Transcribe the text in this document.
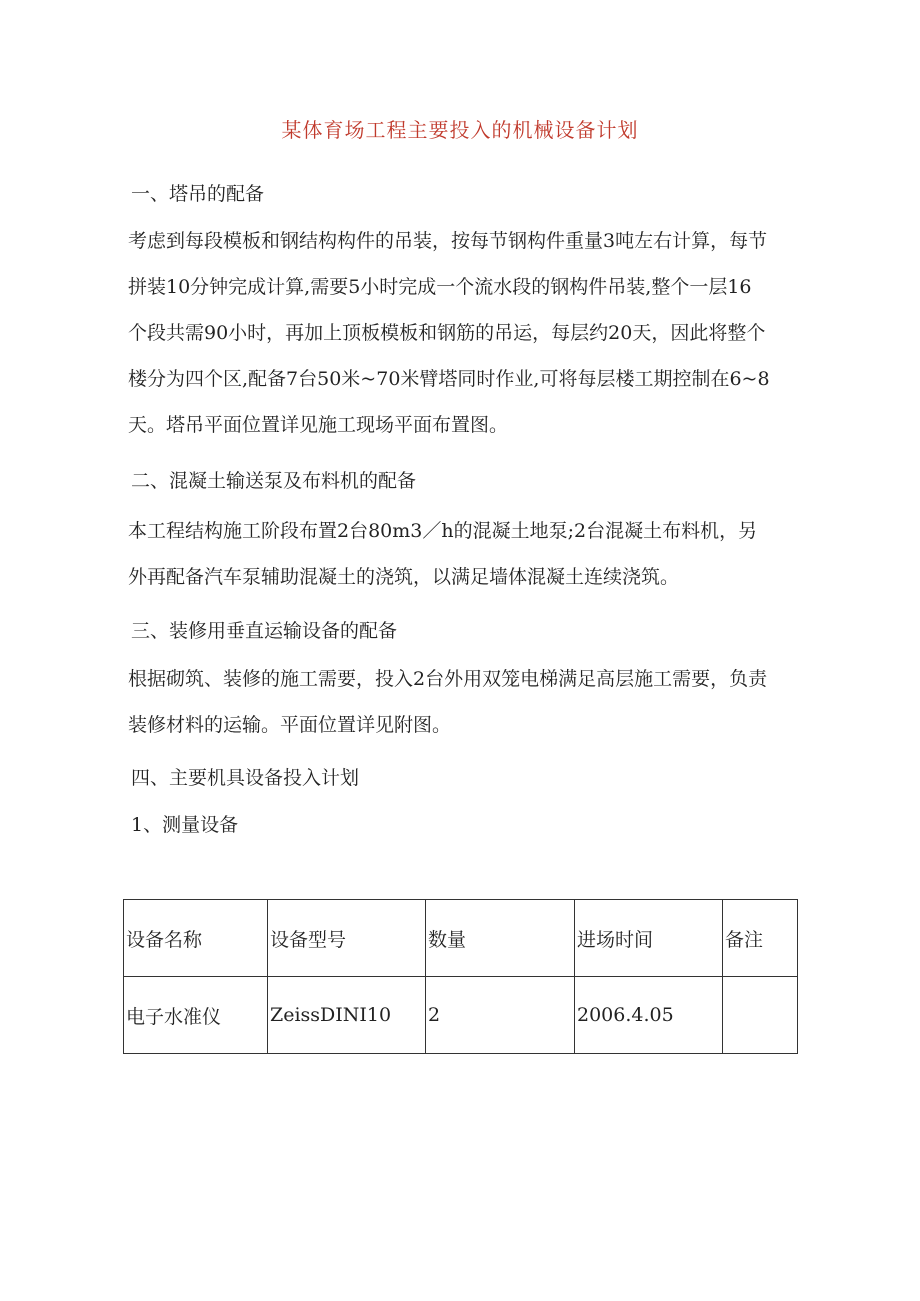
某体育场工程主要投入的机械设备计划
一、塔吊的配备
考虑到每段模板和钢结构构件的吊装，按每节钢构件重量3吨左右计算，每节
拼装10分钟完成计算,需要5小时完成一个流水段的钢构件吊装,整个一层16
个段共需90小时，再加上顶板模板和钢筋的吊运，每层约20天，因此将整个
楼分为四个区,配备7台50米~70米臂塔同时作业,可将每层楼工期控制在6~8
天。塔吊平面位置详见施工现场平面布置图。
二、混凝土输送泵及布料机的配备
本工程结构施工阶段布置2台80m3／h的混凝土地泵;2台混凝土布料机，另
外再配备汽车泵辅助混凝土的浇筑，以满足墙体混凝土连续浇筑。
三、装修用垂直运输设备的配备
根据砌筑、装修的施工需要，投入2台外用双笼电梯满足高层施工需要，负责
装修材料的运输。平面位置详见附图。
四、主要机具设备投入计划
1、测量设备
设备名称	设备型号	数量	进场时间	备注
电子水准仪	ZeissDINI10	2	2006.4.05	
